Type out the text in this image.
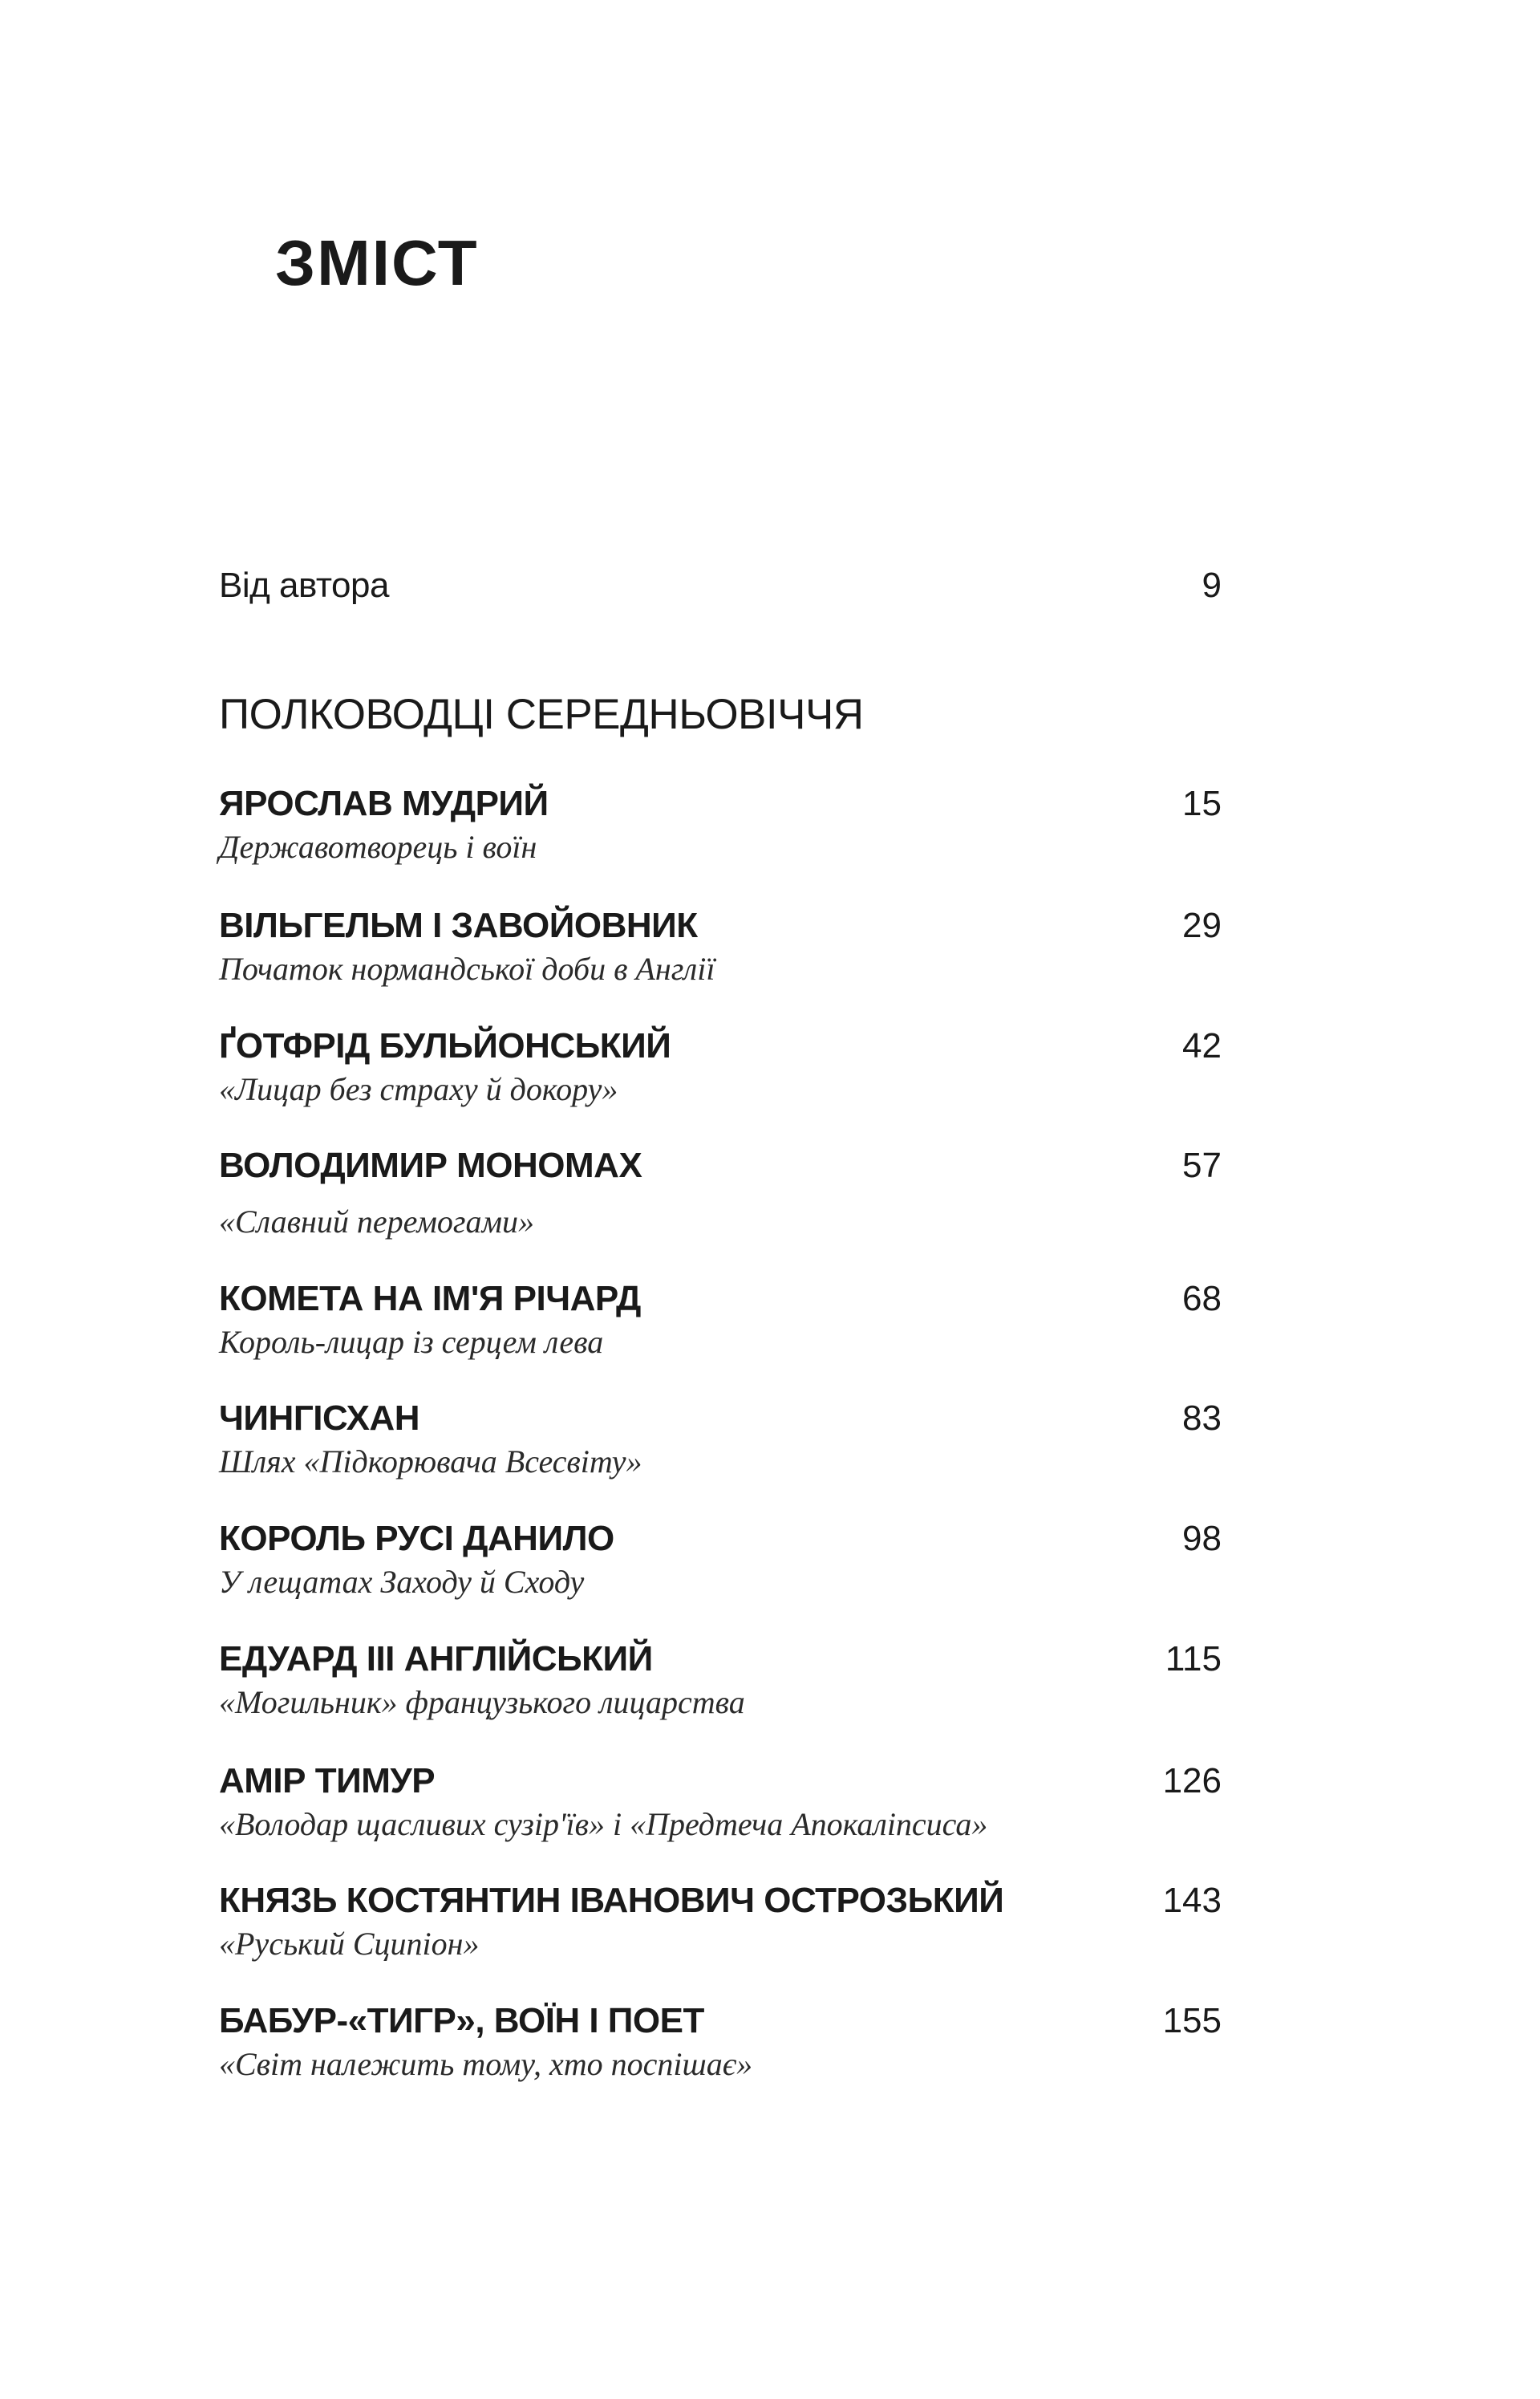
ЗМІСТ
Від автора	9
ПОЛКОВОДЦІ СЕРЕДНЬОВІЧЧЯ
ЯРОСЛАВ МУДРИЙ	15
Державотворець і воїн
ВІЛЬГЕЛЬМ І ЗАВОЙОВНИК	29
Початок нормандської доби в Англії
ҐОТФРІД БУЛЬЙОНСЬКИЙ	42
«Лицар без страху й докору»
ВОЛОДИМИР МОНОМАХ	57
«Славний перемогами»
КОМЕТА НА ІМ'Я РІЧАРД	68
Король-лицар із серцем лева
ЧИНГІСХАН	83
Шлях «Підкорювача Всесвіту»
КОРОЛЬ РУСІ ДАНИЛО	98
У лещатах Заходу й Сходу
ЕДУАРД III АНГЛІЙСЬКИЙ	115
«Могильник» французького лицарства
АМІР ТИМУР	126
«Володар щасливих сузір'їв» і «Предтеча Апокаліпсиса»
КНЯЗЬ КОСТЯНТИН ІВАНОВИЧ ОСТРОЗЬКИЙ	143
«Руський Сципіон»
БАБУР-«ТИГР», ВОЇН І ПОЕТ	155
«Світ належить тому, хто поспішає»
